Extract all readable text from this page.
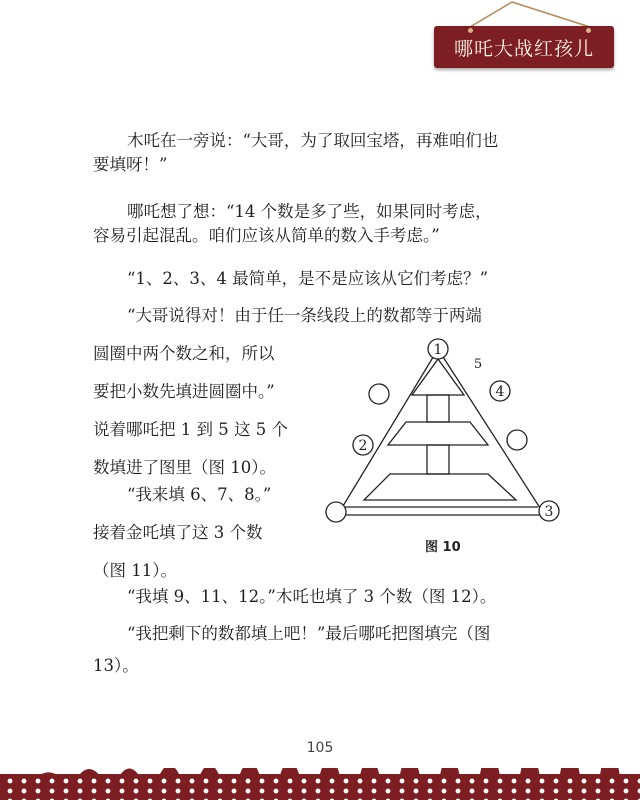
哪吒大战红孩儿

木吒在一旁说：“大哥，为了取回宝塔，再难咱们也
要填呀！”

哪吒想了想：“14 个数是多了些，如果同时考虑，
容易引起混乱。咱们应该从简单的数入手考虑。”

“1、2、3、4 最简单，是不是应该从它们考虑？”

“大哥说得对！由于任一条线段上的数都等于两端
圆圈中两个数之和，所以
要把小数先填进圆圈中。”
说着哪吒把 1 到 5 这 5 个
数填进了图里（图 10）。

“我来填 6、7、8。”
接着金吒填了这 3 个数
（图 11）。

“我填 9、11、12。”木吒也填了 3 个数（图 12）。

“我把剩下的数都填上吧！”最后哪吒把图填完（图
13）。

1
4
2
3
5
图 10
105
